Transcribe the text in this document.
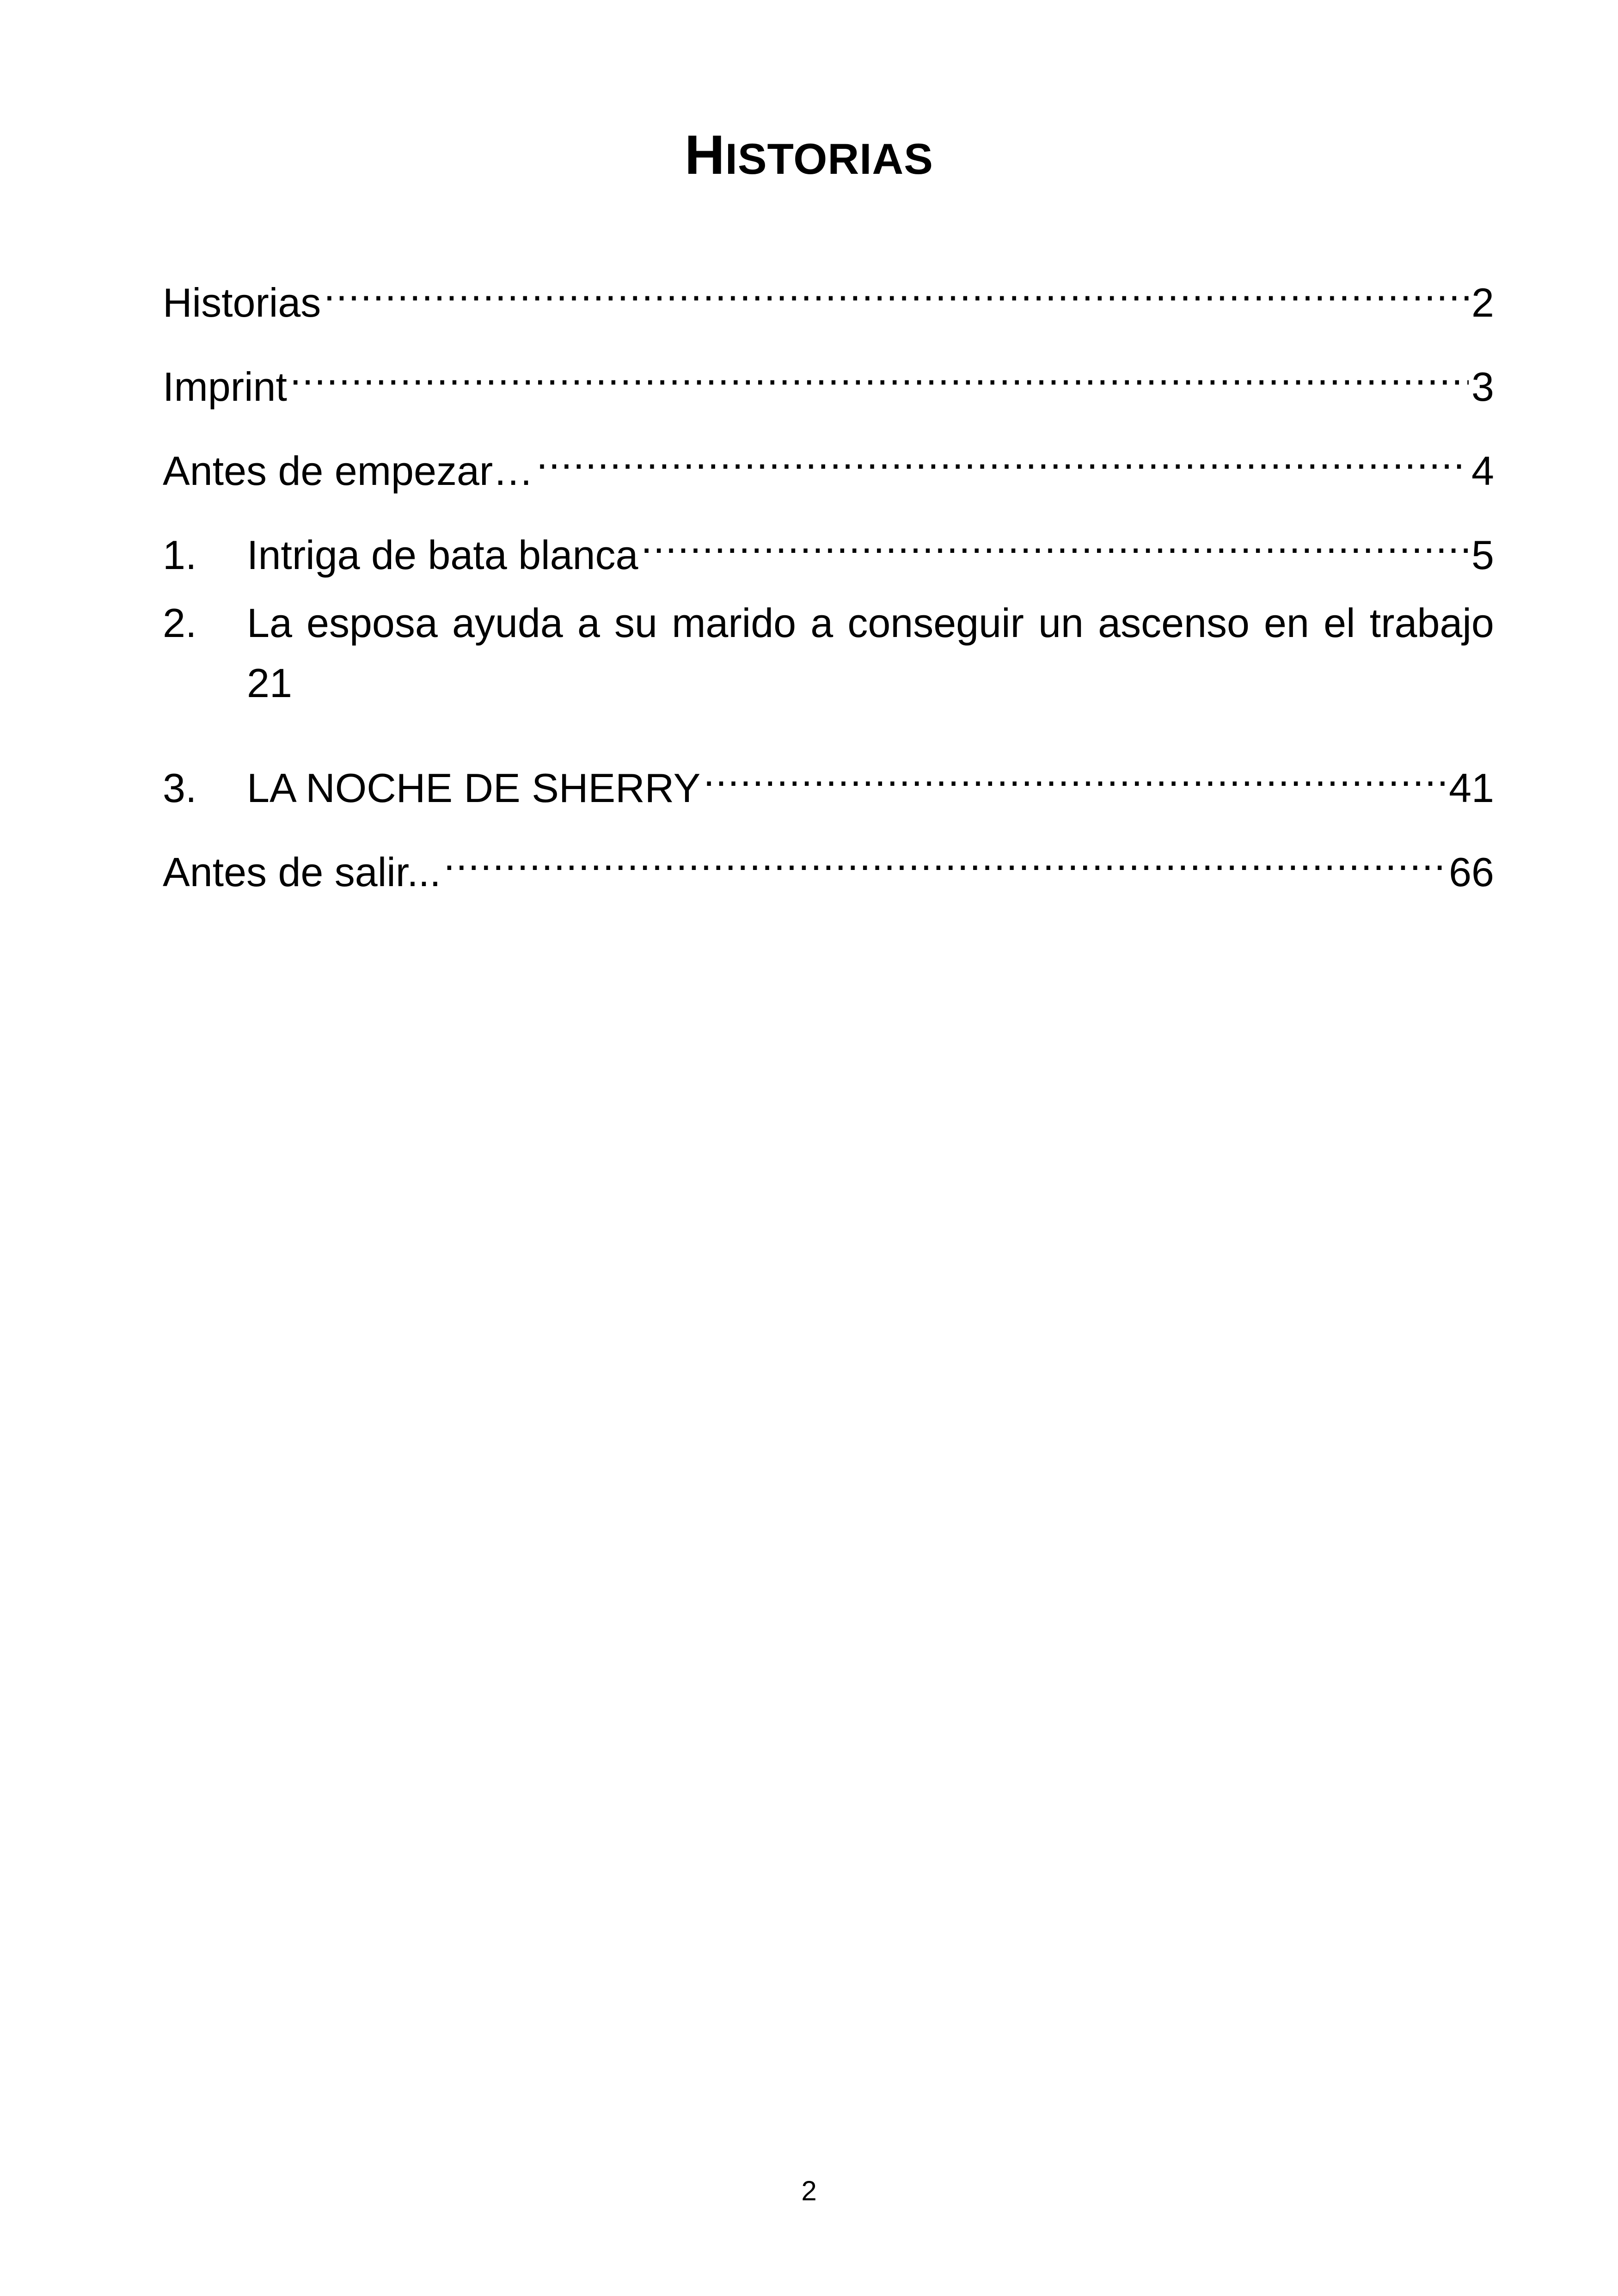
HISTORIAS
Historias .....	2
Imprint .....	3
Antes de empezar… .....	4
1.	Intriga de bata blanca .....	5
2.	La esposa ayuda a su marido a conseguir un ascenso en el trabajo
21
3.	LA NOCHE DE SHERRY .....	41
Antes de salir... .....	66
2
